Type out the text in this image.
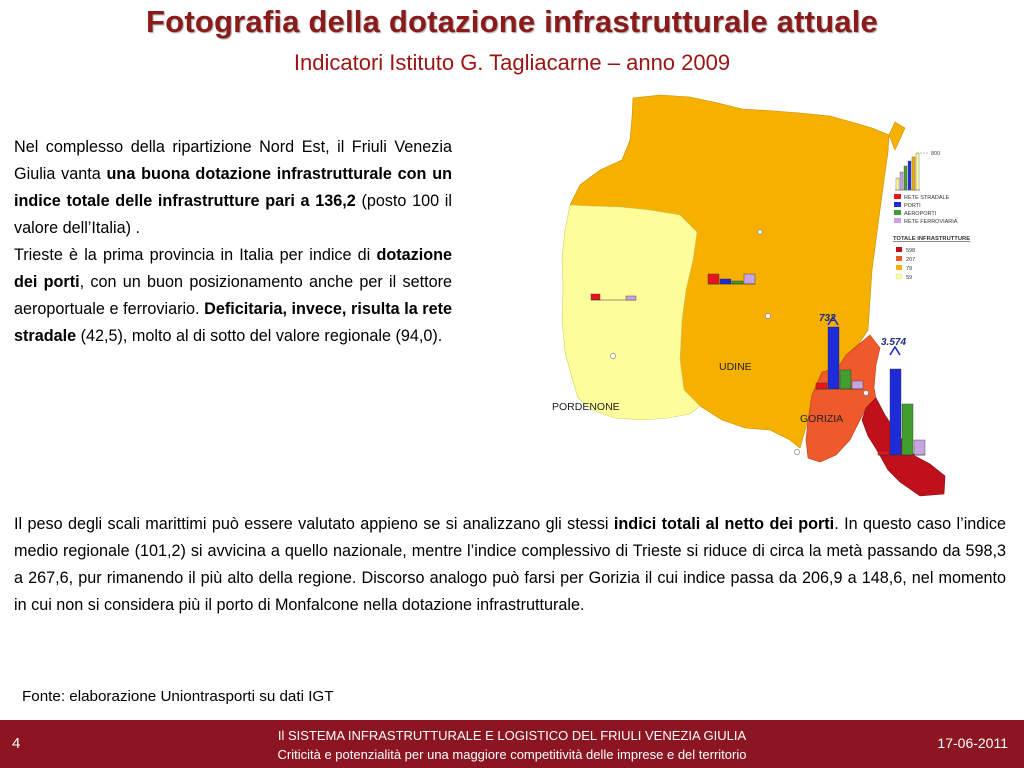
Fotografia della dotazione infrastrutturale attuale
Indicatori Istituto G. Tagliacarne – anno 2009

Nel complesso della ripartizione Nord Est, il Friuli Venezia Giulia vanta una buona dotazione infrastrutturale con un indice totale delle infrastrutture pari a 136,2 (posto 100 il valore dell’Italia) .

Trieste è la prima provincia in Italia per indice di dotazione dei porti, con un buon posizionamento anche per il settore aeroportuale e ferroviario. Deficitaria, invece, risulta la rete stradale (42,5), molto al di sotto del valore regionale (94,0).

UDINE
PORDENONE
GORIZIA
732
3.574
800
RETE STRADALE
PORTI
AEROPORTI
RETE FERROVIARIA
TOTALE INFRASTRUTTURE
598
207
79
59
Il peso degli scali marittimi può essere valutato appieno se si analizzano gli stessi indici totali al netto dei porti. In questo caso l’indice medio regionale (101,2) si avvicina a quello nazionale, mentre l’indice complessivo di Trieste si riduce di circa la metà passando da 598,3 a 267,6, pur rimanendo il più alto della regione. Discorso analogo può farsi per Gorizia il cui indice passa da 206,9 a 148,6, nel momento in cui non si considera più il porto di Monfalcone nella dotazione infrastrutturale.
Fonte: elaborazione Uniontrasporti su dati IGT
4	Il SISTEMA INFRASTRUTTURALE E LOGISTICO DEL FRIULI VENEZIA GIULIA
Criticità e potenzialità per una maggiore competitività delle imprese e del territorio
17-06-2011
